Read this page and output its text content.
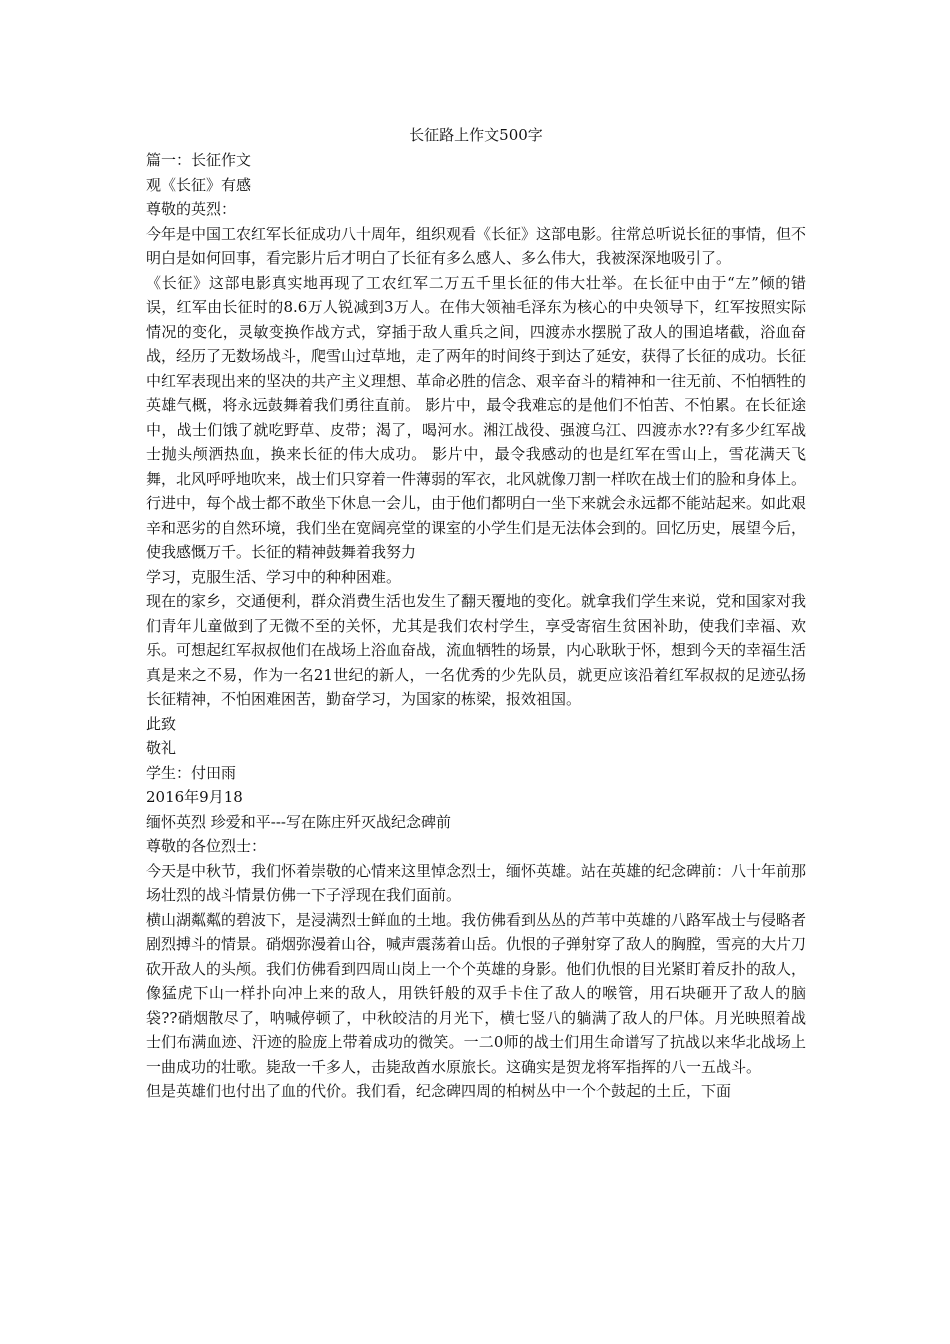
长征路上作文500字
篇一：长征作文
观《长征》有感
尊敬的英烈：
今年是中国工农红军长征成功八十周年，组织观看《长征》这部电影。往常总听说长征的事情，但不明白是如何回事，看完影片后才明白了长征有多么感人、多么伟大，我被深深地吸引了。
《长征》这部电影真实地再现了工农红军二万五千里长征的伟大壮举。在长征中由于“左”倾的错误，红军由长征时的8.6万人锐减到3万人。在伟大领袖毛泽东为核心的中央领导下，红军按照实际情况的变化，灵敏变换作战方式，穿插于敌人重兵之间，四渡赤水摆脱了敌人的围追堵截，浴血奋战，经历了无数场战斗，爬雪山过草地，走了两年的时间终于到达了延安，获得了长征的成功。长征中红军表现出来的坚决的共产主义理想、革命必胜的信念、艰辛奋斗的精神和一往无前、不怕牺牲的英雄气概，将永远鼓舞着我们勇往直前。 影片中，最令我难忘的是他们不怕苦、不怕累。在长征途中，战士们饿了就吃野草、皮带；渴了，喝河水。湘江战役、强渡乌江、四渡赤水??有多少红军战士抛头颅洒热血，换来长征的伟大成功。 影片中，最令我感动的也是红军在雪山上，雪花满天飞舞，北风呼呼地吹来，战士们只穿着一件薄弱的军衣，北风就像刀割一样吹在战士们的脸和身体上。行进中，每个战士都不敢坐下休息一会儿，由于他们都明白一坐下来就会永远都不能站起来。如此艰辛和恶劣的自然环境，我们坐在宽阔亮堂的课室的小学生们是无法体会到的。回忆历史，展望今后，使我感慨万千。长征的精神鼓舞着我努力
学习，克服生活、学习中的种种困难。
现在的家乡，交通便利，群众消费生活也发生了翻天覆地的变化。就拿我们学生来说，党和国家对我们青年儿童做到了无微不至的关怀，尤其是我们农村学生，享受寄宿生贫困补助，使我们幸福、欢乐。可想起红军叔叔他们在战场上浴血奋战，流血牺牲的场景，内心耿耿于怀，想到今天的幸福生活真是来之不易，作为一名21世纪的新人，一名优秀的少先队员，就更应该沿着红军叔叔的足迹弘扬长征精神，不怕困难困苦，勤奋学习，为国家的栋梁，报效祖国。
此致
敬礼
学生：付田雨
2016年9月18
缅怀英烈 珍爱和平---写在陈庄歼灭战纪念碑前
尊敬的各位烈士：
今天是中秋节，我们怀着崇敬的心情来这里悼念烈士，缅怀英雄。站在英雄的纪念碑前：八十年前那场壮烈的战斗情景仿佛一下子浮现在我们面前。
横山湖粼粼的碧波下，是浸满烈士鲜血的土地。我仿佛看到丛丛的芦苇中英雄的八路军战士与侵略者剧烈搏斗的情景。硝烟弥漫着山谷，喊声震荡着山岳。仇恨的子弹射穿了敌人的胸膛，雪亮的大片刀砍开敌人的头颅。我们仿佛看到四周山岗上一个个英雄的身影。他们仇恨的目光紧盯着反扑的敌人，像猛虎下山一样扑向冲上来的敌人，用铁钎般的双手卡住了敌人的喉管，用石块砸开了敌人的脑袋??硝烟散尽了，呐喊停顿了，中秋皎洁的月光下，横七竖八的躺满了敌人的尸体。月光映照着战士们布满血迹、汗迹的脸庞上带着成功的微笑。一二0师的战士们用生命谱写了抗战以来华北战场上一曲成功的壮歌。毙敌一千多人，击毙敌酋水原旅长。这确实是贺龙将军指挥的八一五战斗。
但是英雄们也付出了血的代价。我们看，纪念碑四周的柏树丛中一个个鼓起的土丘，下面
